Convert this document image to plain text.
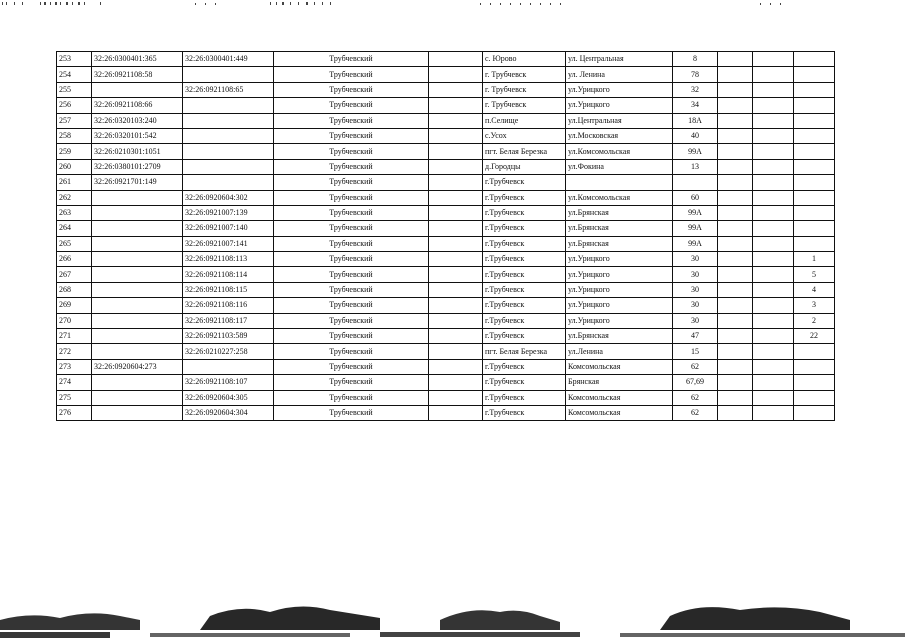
253	32:26:0300401:365	32:26:0300401:449	Трубчевский		с. Юрово	ул. Центральная	8			
254	32:26:0921108:58		Трубчевский		г. Трубчевск	ул. Ленина	78			
255		32:26:0921108:65	Трубчевский		г. Трубчевск	ул.Урицкого	32			
256	32:26:0921108:66		Трубчевский		г. Трубчевск	ул.Урицкого	34			
257	32:26:0320103:240		Трубчевский		п.Селище	ул.Центральная	18А			
258	32:26:0320101:542		Трубчевский		с.Усох	ул.Московская	40			
259	32:26:0210301:1051		Трубчевский		пгт. Белая Березка	ул.Комсомольская	99А			
260	32:26:0380101:2709		Трубчевский		д.Городцы	ул.Фокина	13			
261	32:26:0921701:149		Трубчевский		г.Трубчевск					
262		32:26:0920604:302	Трубчевский		г.Трубчевск	ул.Комсомольская	60			
263		32:26:0921007:139	Трубчевский		г.Трубчевск	ул.Брянская	99А			
264		32:26:0921007:140	Трубчевский		г.Трубчевск	ул.Брянская	99А			
265		32:26:0921007:141	Трубчевский		г.Трубчевск	ул.Брянская	99А			
266		32:26:0921108:113	Трубчевский		г.Трубчевск	ул.Урицкого	30			1
267		32:26:0921108:114	Трубчевский		г.Трубчевск	ул.Урицкого	30			5
268		32:26:0921108:115	Трубчевский		г.Трубчевск	ул.Урицкого	30			4
269		32:26:0921108:116	Трубчевский		г.Трубчевск	ул.Урицкого	30			3
270		32:26:0921108:117	Трубчевский		г.Трубчевск	ул.Урицкого	30			2
271		32:26:0921103:589	Трубчевский		г.Трубчевск	ул.Брянская	47			22
272		32:26:0210227:258	Трубчевский		пгт. Белая Березка	ул.Ленина	15			
273	32:26:0920604:273		Трубчевский		г.Трубчевск	Комсомольская	62			
274		32:26:0921108:107	Трубчевский		г.Трубчевск	Брянская	67,69			
275		32:26:0920604:305	Трубчевский		г.Трубчевск	Комсомольская	62			
276		32:26:0920604:304	Трубчевский		г.Трубчевск	Комсомольская	62			
